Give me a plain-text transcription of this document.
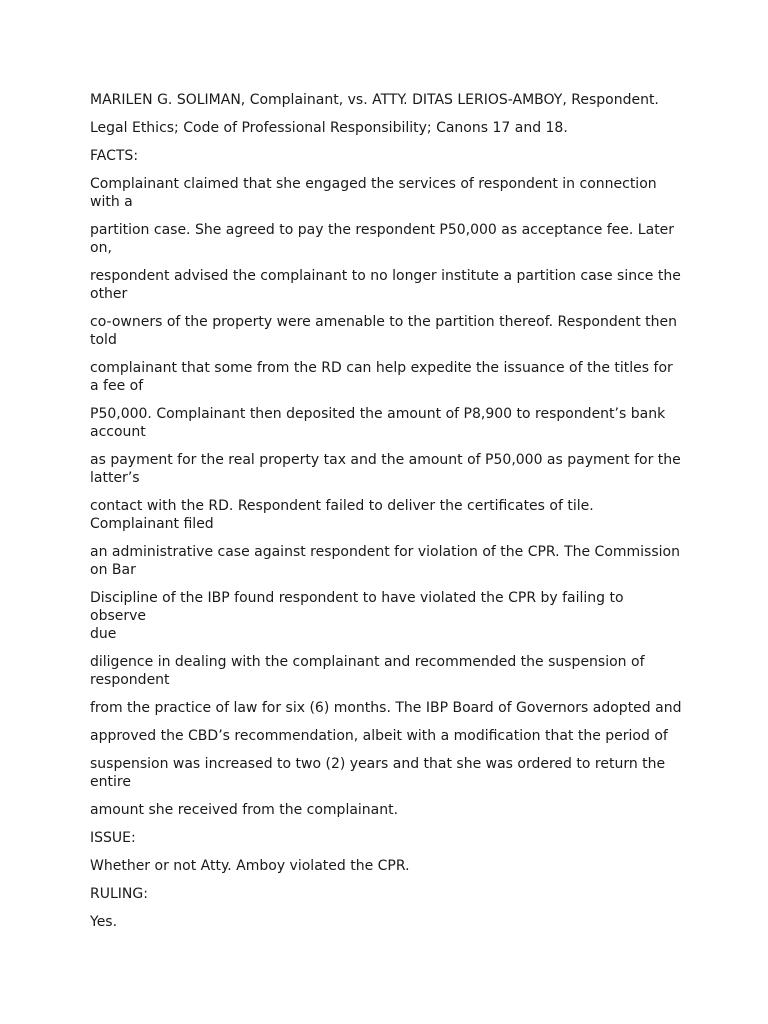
MARILEN G. SOLIMAN, Complainant, vs. ATTY. DITAS LERIOS-AMBOY, Respondent.

Legal Ethics; Code of Professional Responsibility; Canons 17 and 18.

FACTS:

Complainant claimed that she engaged the services of respondent in connection
with a

partition case. She agreed to pay the respondent P50,000 as acceptance fee. Later
on,

respondent advised the complainant to no longer institute a partition case since the
other

co-owners of the property were amenable to the partition thereof. Respondent then
told

complainant that some from the RD can help expedite the issuance of the titles for
a fee of

P50,000. Complainant then deposited the amount of P8,900 to respondent’s bank
account

as payment for the real property tax and the amount of P50,000 as payment for the
latter’s

contact with the RD. Respondent failed to deliver the certificates of tile.
Complainant filed

an administrative case against respondent for violation of the CPR. The Commission
on Bar

Discipline of the IBP found respondent to have violated the CPR by failing to observe
due

diligence in dealing with the complainant and recommended the suspension of
respondent

from the practice of law for six (6) months. The IBP Board of Governors adopted and

approved the CBD’s recommendation, albeit with a modification that the period of

suspension was increased to two (2) years and that she was ordered to return the
entire

amount she received from the complainant.

ISSUE:

Whether or not Atty. Amboy violated the CPR.

RULING:

Yes.
